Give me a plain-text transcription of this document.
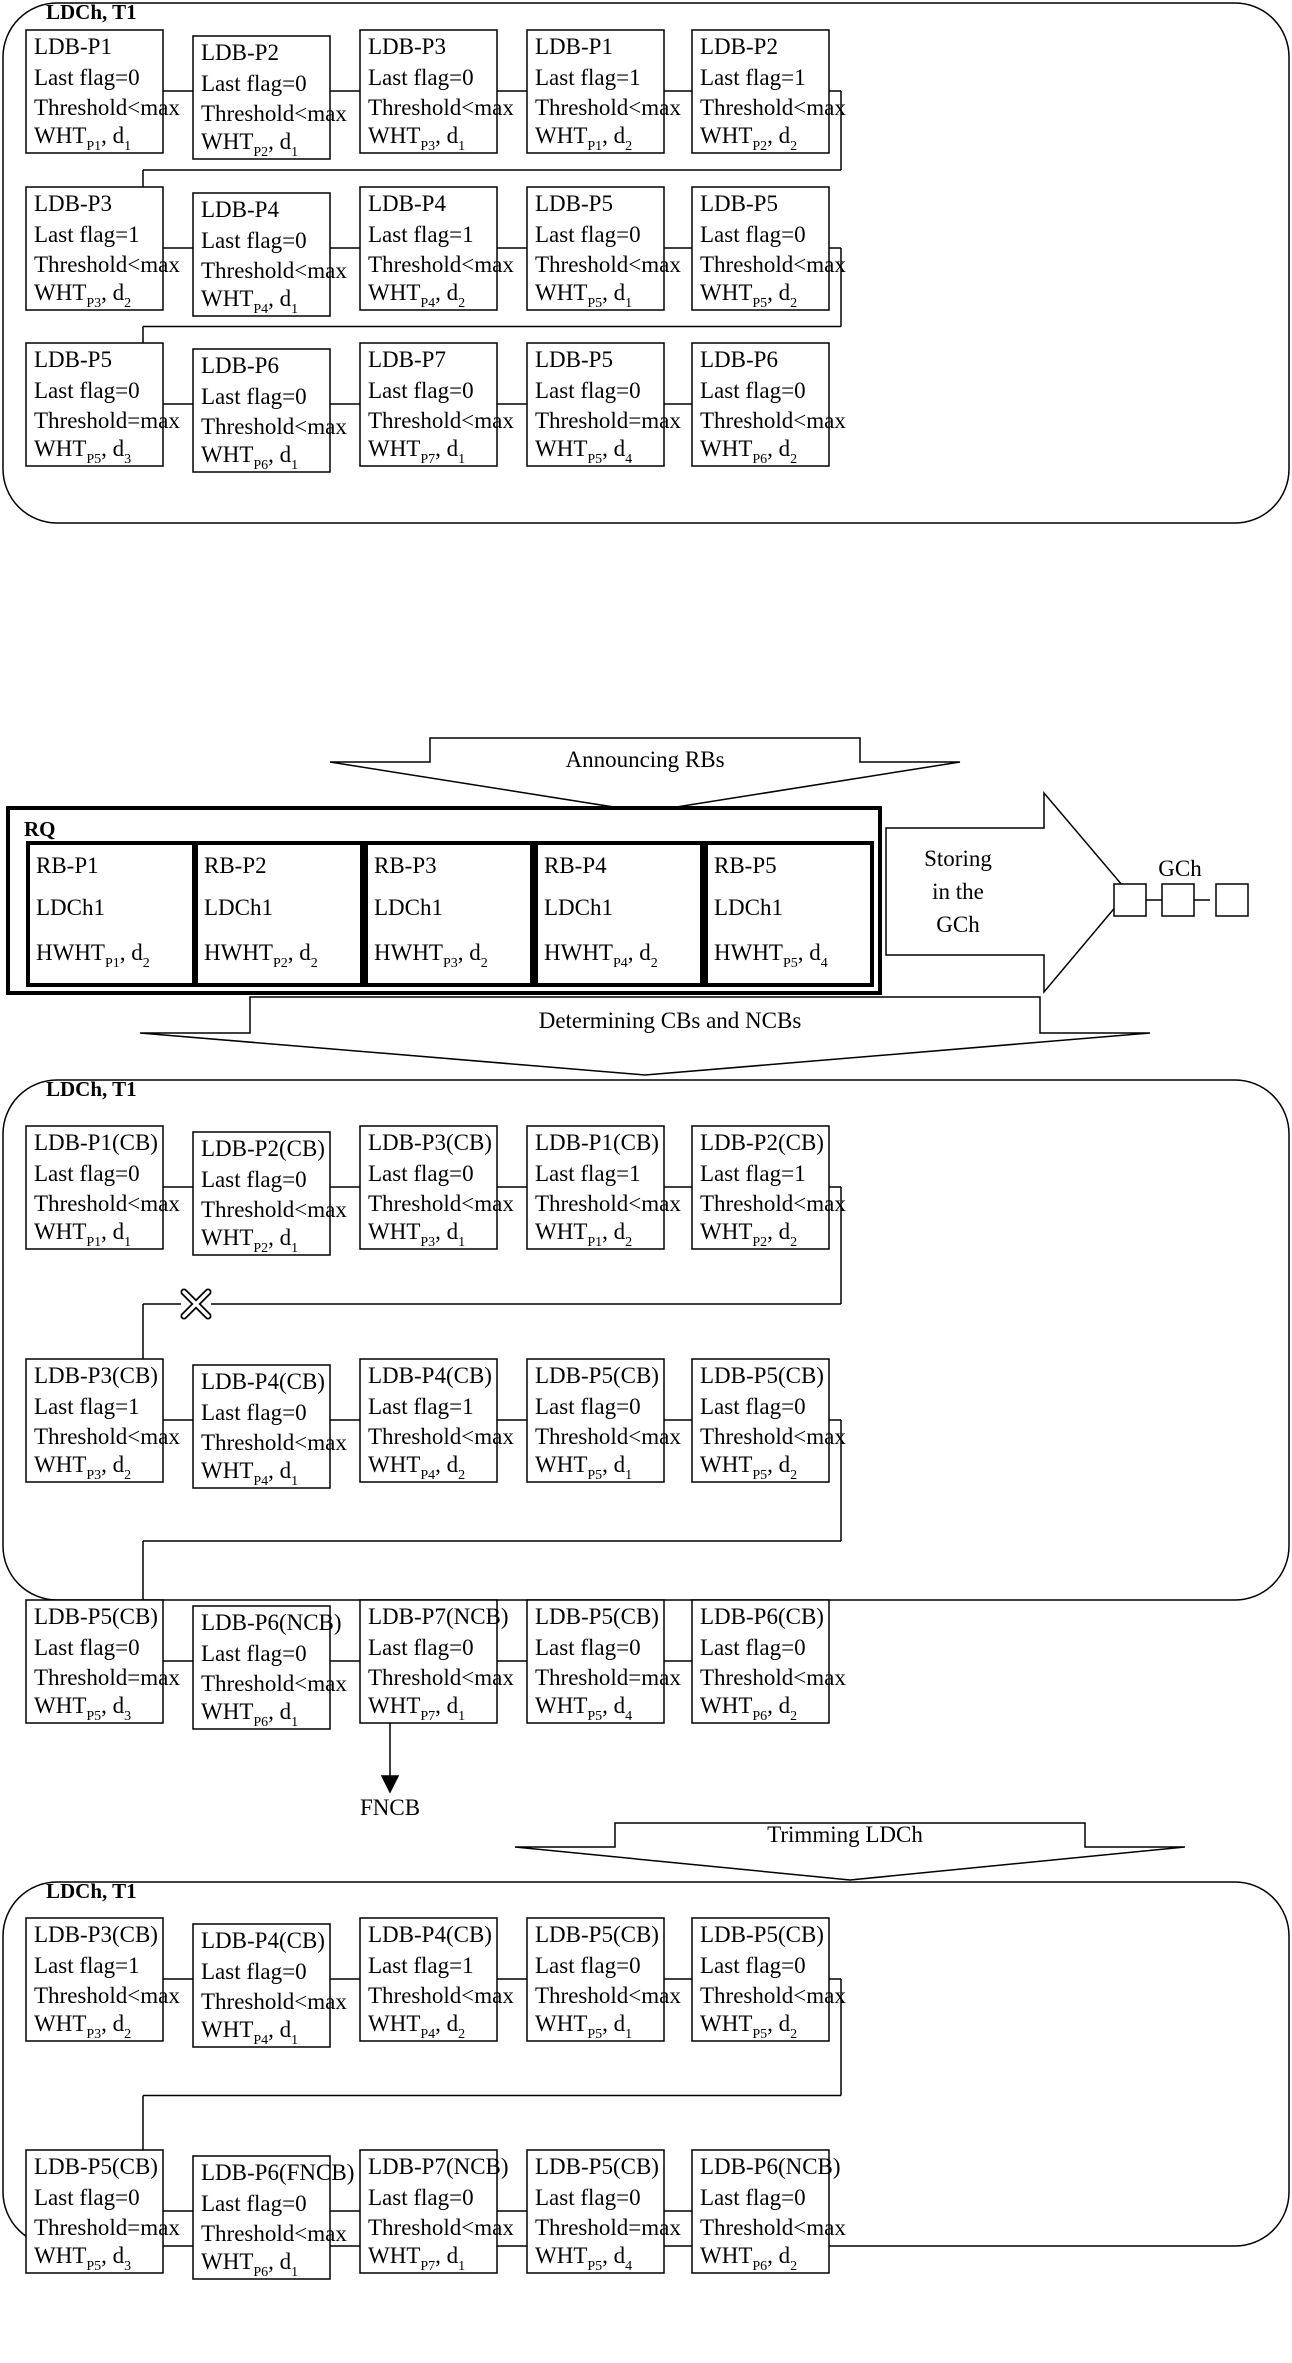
LDCh, T1
LDB-P1
Last flag=0
Threshold<max
$WHT_{P1}$, $d_1$
LDB-P2
Last flag=0
Threshold<max
$WHT_{P2}$, $d_1$
LDB-P3
Last flag=0
Threshold<max
$WHT_{P3}$, $d_1$
LDB-P1
Last flag=1
Threshold<max
$WHT_{P1}$, $d_2$
LDB-P2
Last flag=1
Threshold<max
$WHT_{P2}$, $d_2$
LDB-P3
Last flag=1
Threshold<max
$WHT_{P3}$, $d_2$
LDB-P4
Last flag=0
Threshold<max
$WHT_{P4}$, $d_1$
LDB-P4
Last flag=1
Threshold<max
$WHT_{P4}$, $d_2$
LDB-P5
Last flag=0
Threshold<max
$WHT_{P5}$, $d_1$
LDB-P5
Last flag=0
Threshold<max
$WHT_{P5}$, $d_2$
LDB-P5
Last flag=0
Threshold=max
$WHT_{P5}$, $d_3$
LDB-P6
Last flag=0
Threshold<max
$WHT_{P6}$, $d_1$
LDB-P7
Last flag=0
Threshold<max
$WHT_{P7}$, $d_1$
LDB-P5
Last flag=0
Threshold=max
$WHT_{P5}$, $d_4$
LDB-P6
Last flag=0
Threshold<max
$WHT_{P6}$, $d_2$
Announcing RBs
RQ
RB-P1
LDCh1
$HWHT_{P1}$, $d_2$
RB-P2
LDCh1
$HWHT_{P2}$, $d_2$
RB-P3
LDCh1
$HWHT_{P3}$, $d_2$
RB-P4
LDCh1
$HWHT_{P4}$, $d_2$
RB-P5
LDCh1
$HWHT_{P5}$, $d_4$
Storing
in the
GCh
GCh
Determining CBs and NCBs
LDCh, T1
LDB-P1(CB)
Last flag=0
Threshold<max
$WHT_{P1}$, $d_1$
LDB-P2(CB)
Last flag=0
Threshold<max
$WHT_{P2}$, $d_1$
LDB-P3(CB)
Last flag=0
Threshold<max
$WHT_{P3}$, $d_1$
LDB-P1(CB)
Last flag=1
Threshold<max
$WHT_{P1}$, $d_2$
LDB-P2(CB)
Last flag=1
Threshold<max
$WHT_{P2}$, $d_2$
LDB-P3(CB)
Last flag=1
Threshold<max
$WHT_{P3}$, $d_2$
LDB-P4(CB)
Last flag=0
Threshold<max
$WHT_{P4}$, $d_1$
LDB-P4(CB)
Last flag=1
Threshold<max
$WHT_{P4}$, $d_2$
LDB-P5(CB)
Last flag=0
Threshold<max
$WHT_{P5}$, $d_1$
LDB-P5(CB)
Last flag=0
Threshold<max
$WHT_{P5}$, $d_2$
LDB-P5(CB)
Last flag=0
Threshold=max
$WHT_{P5}$, $d_3$
LDB-P6(NCB)
Last flag=0
Threshold<max
$WHT_{P6}$, $d_1$
LDB-P7(NCB)
Last flag=0
Threshold<max
$WHT_{P7}$, $d_1$
LDB-P5(CB)
Last flag=0
Threshold=max
$WHT_{P5}$, $d_4$
LDB-P6(CB)
Last flag=0
Threshold<max
$WHT_{P6}$, $d_2$
FNCB
Trimming LDCh
LDCh, T1
LDB-P3(CB)
Last flag=1
Threshold<max
$WHT_{P3}$, $d_2$
LDB-P4(CB)
Last flag=0
Threshold<max
$WHT_{P4}$, $d_1$
LDB-P4(CB)
Last flag=1
Threshold<max
$WHT_{P4}$, $d_2$
LDB-P5(CB)
Last flag=0
Threshold<max
$WHT_{P5}$, $d_1$
LDB-P5(CB)
Last flag=0
Threshold<max
$WHT_{P5}$, $d_2$
LDB-P5(CB)
Last flag=0
Threshold=max
$WHT_{P5}$, $d_3$
LDB-P6(FNCB)
Last flag=0
Threshold<max
$WHT_{P6}$, $d_1$
LDB-P7(NCB)
Last flag=0
Threshold<max
$WHT_{P7}$, $d_1$
LDB-P5(CB)
Last flag=0
Threshold=max
$WHT_{P5}$, $d_4$
LDB-P6(NCB)
Last flag=0
Threshold<max
$WHT_{P6}$, $d_2$
